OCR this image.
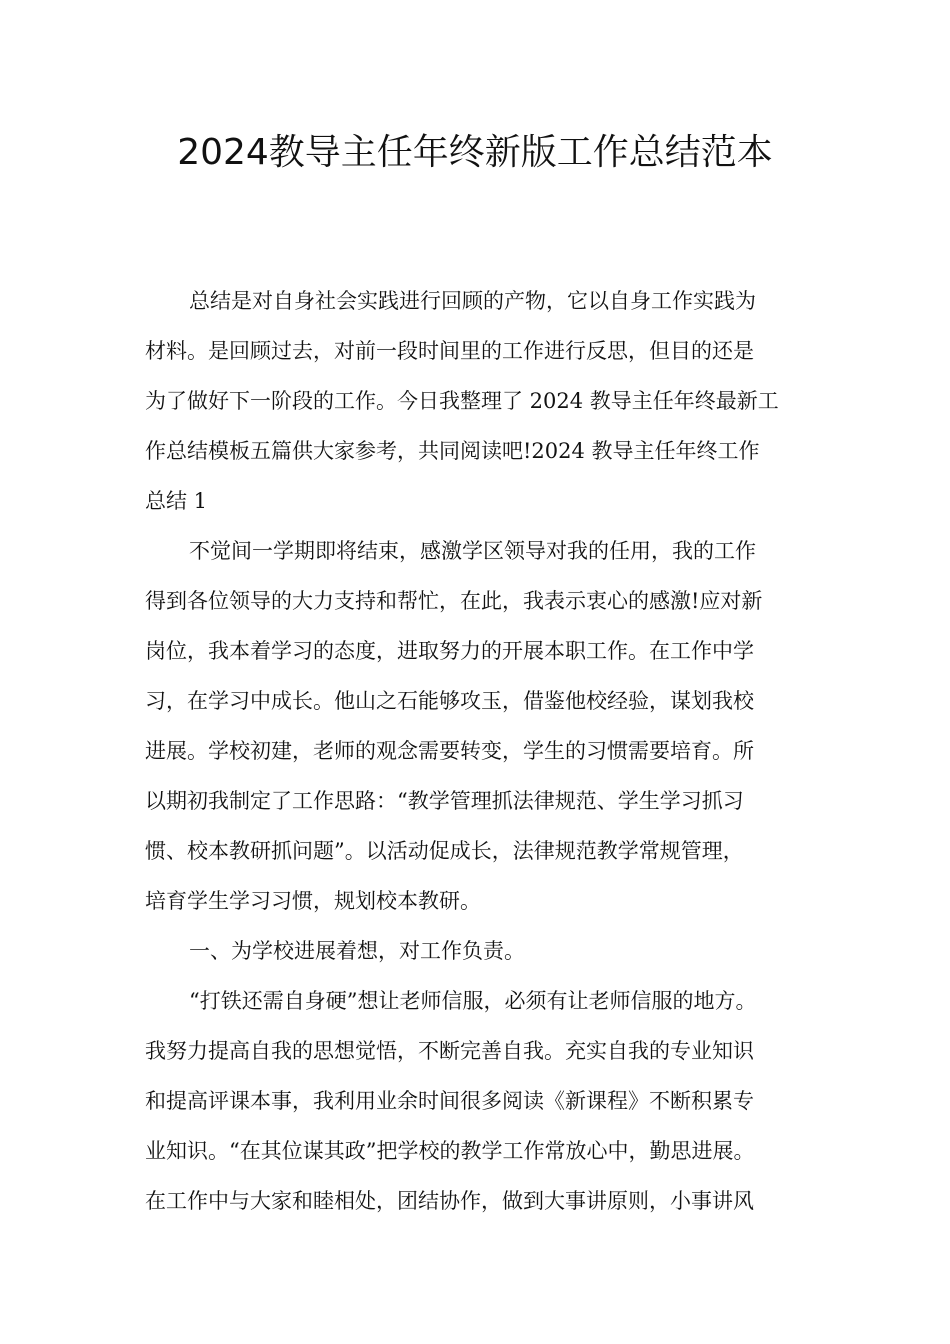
2024教导主任年终新版工作总结范本
总结是对自身社会实践进行回顾的产物，它以自身工作实践为
材料。是回顾过去，对前一段时间里的工作进行反思，但目的还是
为了做好下一阶段的工作。今日我整理了 2024 教导主任年终最新工
作总结模板五篇供大家参考，共同阅读吧!2024 教导主任年终工作
总结 1
不觉间一学期即将结束，感激学区领导对我的任用，我的工作
得到各位领导的大力支持和帮忙，在此，我表示衷心的感激!应对新
岗位，我本着学习的态度，进取努力的开展本职工作。在工作中学
习，在学习中成长。他山之石能够攻玉，借鉴他校经验，谋划我校
进展。学校初建，老师的观念需要转变，学生的习惯需要培育。所
以期初我制定了工作思路：“教学管理抓法律规范、学生学习抓习
惯、校本教研抓问题”。以活动促成长，法律规范教学常规管理，
培育学生学习习惯，规划校本教研。
一、为学校进展着想，对工作负责。
“打铁还需自身硬”想让老师信服，必须有让老师信服的地方。
我努力提高自我的思想觉悟，不断完善自我。充实自我的专业知识
和提高评课本事，我利用业余时间很多阅读《新课程》不断积累专
业知识。“在其位谋其政”把学校的教学工作常放心中，勤思进展。
在工作中与大家和睦相处，团结协作，做到大事讲原则，小事讲风
